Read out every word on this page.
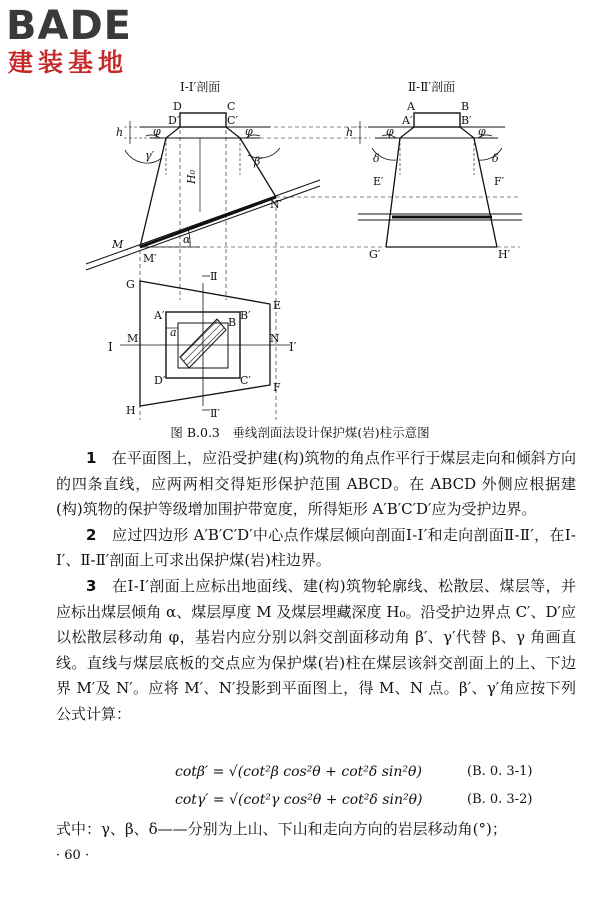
BADE
建装基地
Ⅰ-Ⅰ′剖面	Ⅱ-Ⅱ′剖面
D	C
D′	C′
h	φ	φ
γ′	β′
H₀
N′
M	α
M′
A	B
A′	B′
h	φ	φ
δ	δ
E′	F′
G′	H′
G
E
Ⅱ
A′	B′
B
a
Ⅰ
M	N
Ⅰ′
D′	C′
F
H	Ⅱ′
图 B.0.3　垂线剖面法设计保护煤(岩)柱示意图

1　 在平面图上，应沿受护建(构)筑物的角点作平行于煤层走向和倾斜方向的四条直线，应两两相交得矩形保护范围 ABCD。在 ABCD 外侧应根据建(构)筑物的保护等级增加围护带宽度，所得矩形 A′B′C′D′应为受护边界。

2　 应过四边形 A′B′C′D′中心点作煤层倾向剖面Ⅰ-Ⅰ′和走向剖面Ⅱ-Ⅱ′，在Ⅰ-Ⅰ′、Ⅱ-Ⅱ′剖面上可求出保护煤(岩)柱边界。

3　 在Ⅰ-Ⅰ′剖面上应标出地面线、建(构)筑物轮廓线、松散层、煤层等，并应标出煤层倾角 α、煤层厚度 M 及煤层埋藏深度 H₀。沿受护边界点 C′、D′应以松散层移动角 φ，基岩内应分别以斜交剖面移动角 β′、γ′代替 β、γ 角画直线。直线与煤层底板的交点应为保护煤(岩)柱在煤层该斜交剖面上的上、下边界 M′及 N′。应将 M′、N′投影到平面图上，得 M、N 点。β′、γ′角应按下列公式计算：

cotβ′ = √(cot²β cos²θ + cot²δ sin²θ)	(B. 0. 3-1)
cotγ′ = √(cot²γ cos²θ + cot²δ sin²θ)	(B. 0. 3-2)
式中：γ、β、δ——分别为上山、下山和走向方向的岩层移动角(°)；
· 60 ·
